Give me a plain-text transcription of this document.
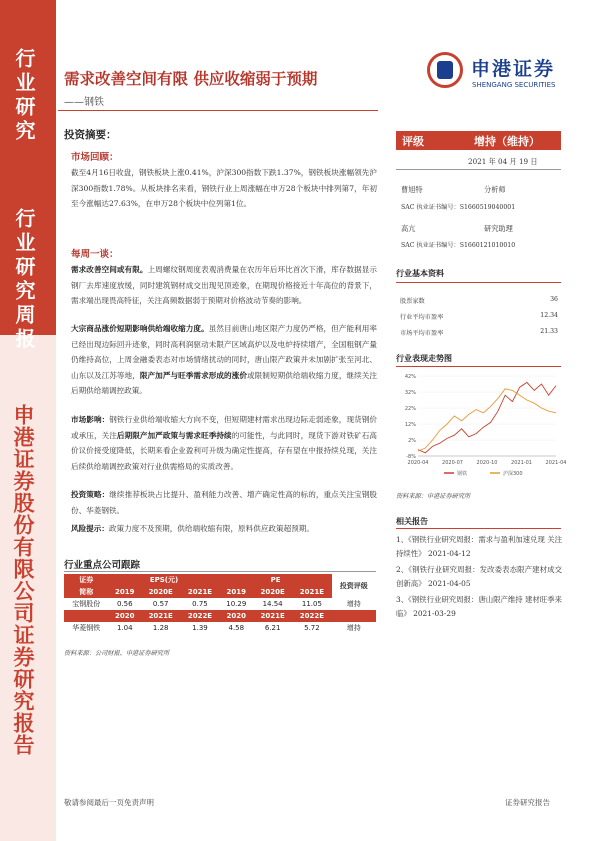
行业研究
行业研究周报
申港证券股份有限公司证券研究报告
申港证券
SHENGANG SECURITIES
需求改善空间有限 供应收缩弱于预期
——钢铁
投资摘要：
市场回顾：
截至4月16日收盘，钢铁板块上涨0.41%，沪深300指数下跌1.37%，钢铁板块涨幅领先沪深300指数1.78%。从板块排名来看，钢铁行业上周涨幅在申万28个板块中排列第7，年初至今涨幅达27.63%，在申万28个板块中位列第1位。
每周一谈：
需求改善空间或有限。上周螺纹钢周度表观消费量在农历年后环比首次下滑，库存数据显示钢厂去库速度放缓，同时建筑钢材成交出现见顶迹象，在期现价格接近十年高位的背景下，需求端出现畏高特征，关注高频数据弱于预期对价格波动节奏的影响。
大宗商品涨价短期影响供给端收缩力度。虽然目前唐山地区限产力度仍严格，但产能利用率已经出现边际回升迹象，同时高利润驱动未限产区域高炉以及电炉持续增产，全国粗钢产量仍维持高位，上周金融委表态对市场情绪扰动的同时，唐山限产政策并未加剧扩张至河北、山东以及江苏等地，限产加严与旺季需求形成的涨价或限制短期供给端收缩力度，继续关注后期供给端调控政策。
市场影响：钢铁行业供给端收缩大方向不变，但短期建材需求出现边际走弱迹象，现货钢价或承压，关注后期限产加严政策与需求旺季持续的可能性，与此同时，现货下游对铁矿石高价议价接受度降低，长期来看企业盈利可升级为确定性提高，存有望在中报持续兑现，关注后续供给端调控政策对行业供需格局的实质改善。
投资策略：继续推荐板块占比提升、盈利能力改善、增产确定性高的标的，重点关注宝钢股份、华菱钢铁。
风险提示：政策力度不及预期，供给端收缩有限，原料供应政策超预期。
行业重点公司跟踪
证券	EPS(元)			PE			投资评级
简称	2019	2020E	2021E	2019	2020E	2021E	
宝钢股份	0.56	0.57	0.75	10.29	14.54	11.05	增持
	2020	2021E	2022E	2020	2021E	2022E	
华菱钢铁	1.04	1.28	1.39	4.58	6.21	5.72	增持
资料来源：公司财报、申港证券研究所
评级	增持（维持）
2021 年 04 月 19 日
曹旭特	分析师
SAC 执业证书编号：S1660519040001
高亢	研究助理
SAC 执业证书编号：S1660121010010
行业基本资料
股票家数	36
行业平均市盈率	12.34
市场平均市盈率	21.33
行业表现走势图
-8%
2%
12%
22%
32%
42%
2020-04	2020-07	2020-10	2021-01	2021-04
钢铁	沪深300
资料来源：申港证券研究所
相关报告
1、《钢铁行业研究周报：需求与盈利加速兑现 关注持续性》 2021-04-12
2、《钢铁行业研究周报：发改委表态限产建材成交创新高》 2021-04-05
3、《钢铁行业研究周报：唐山限产维持 建材旺季来临》 2021-03-29
敬请参阅最后一页免责声明	证券研究报告
